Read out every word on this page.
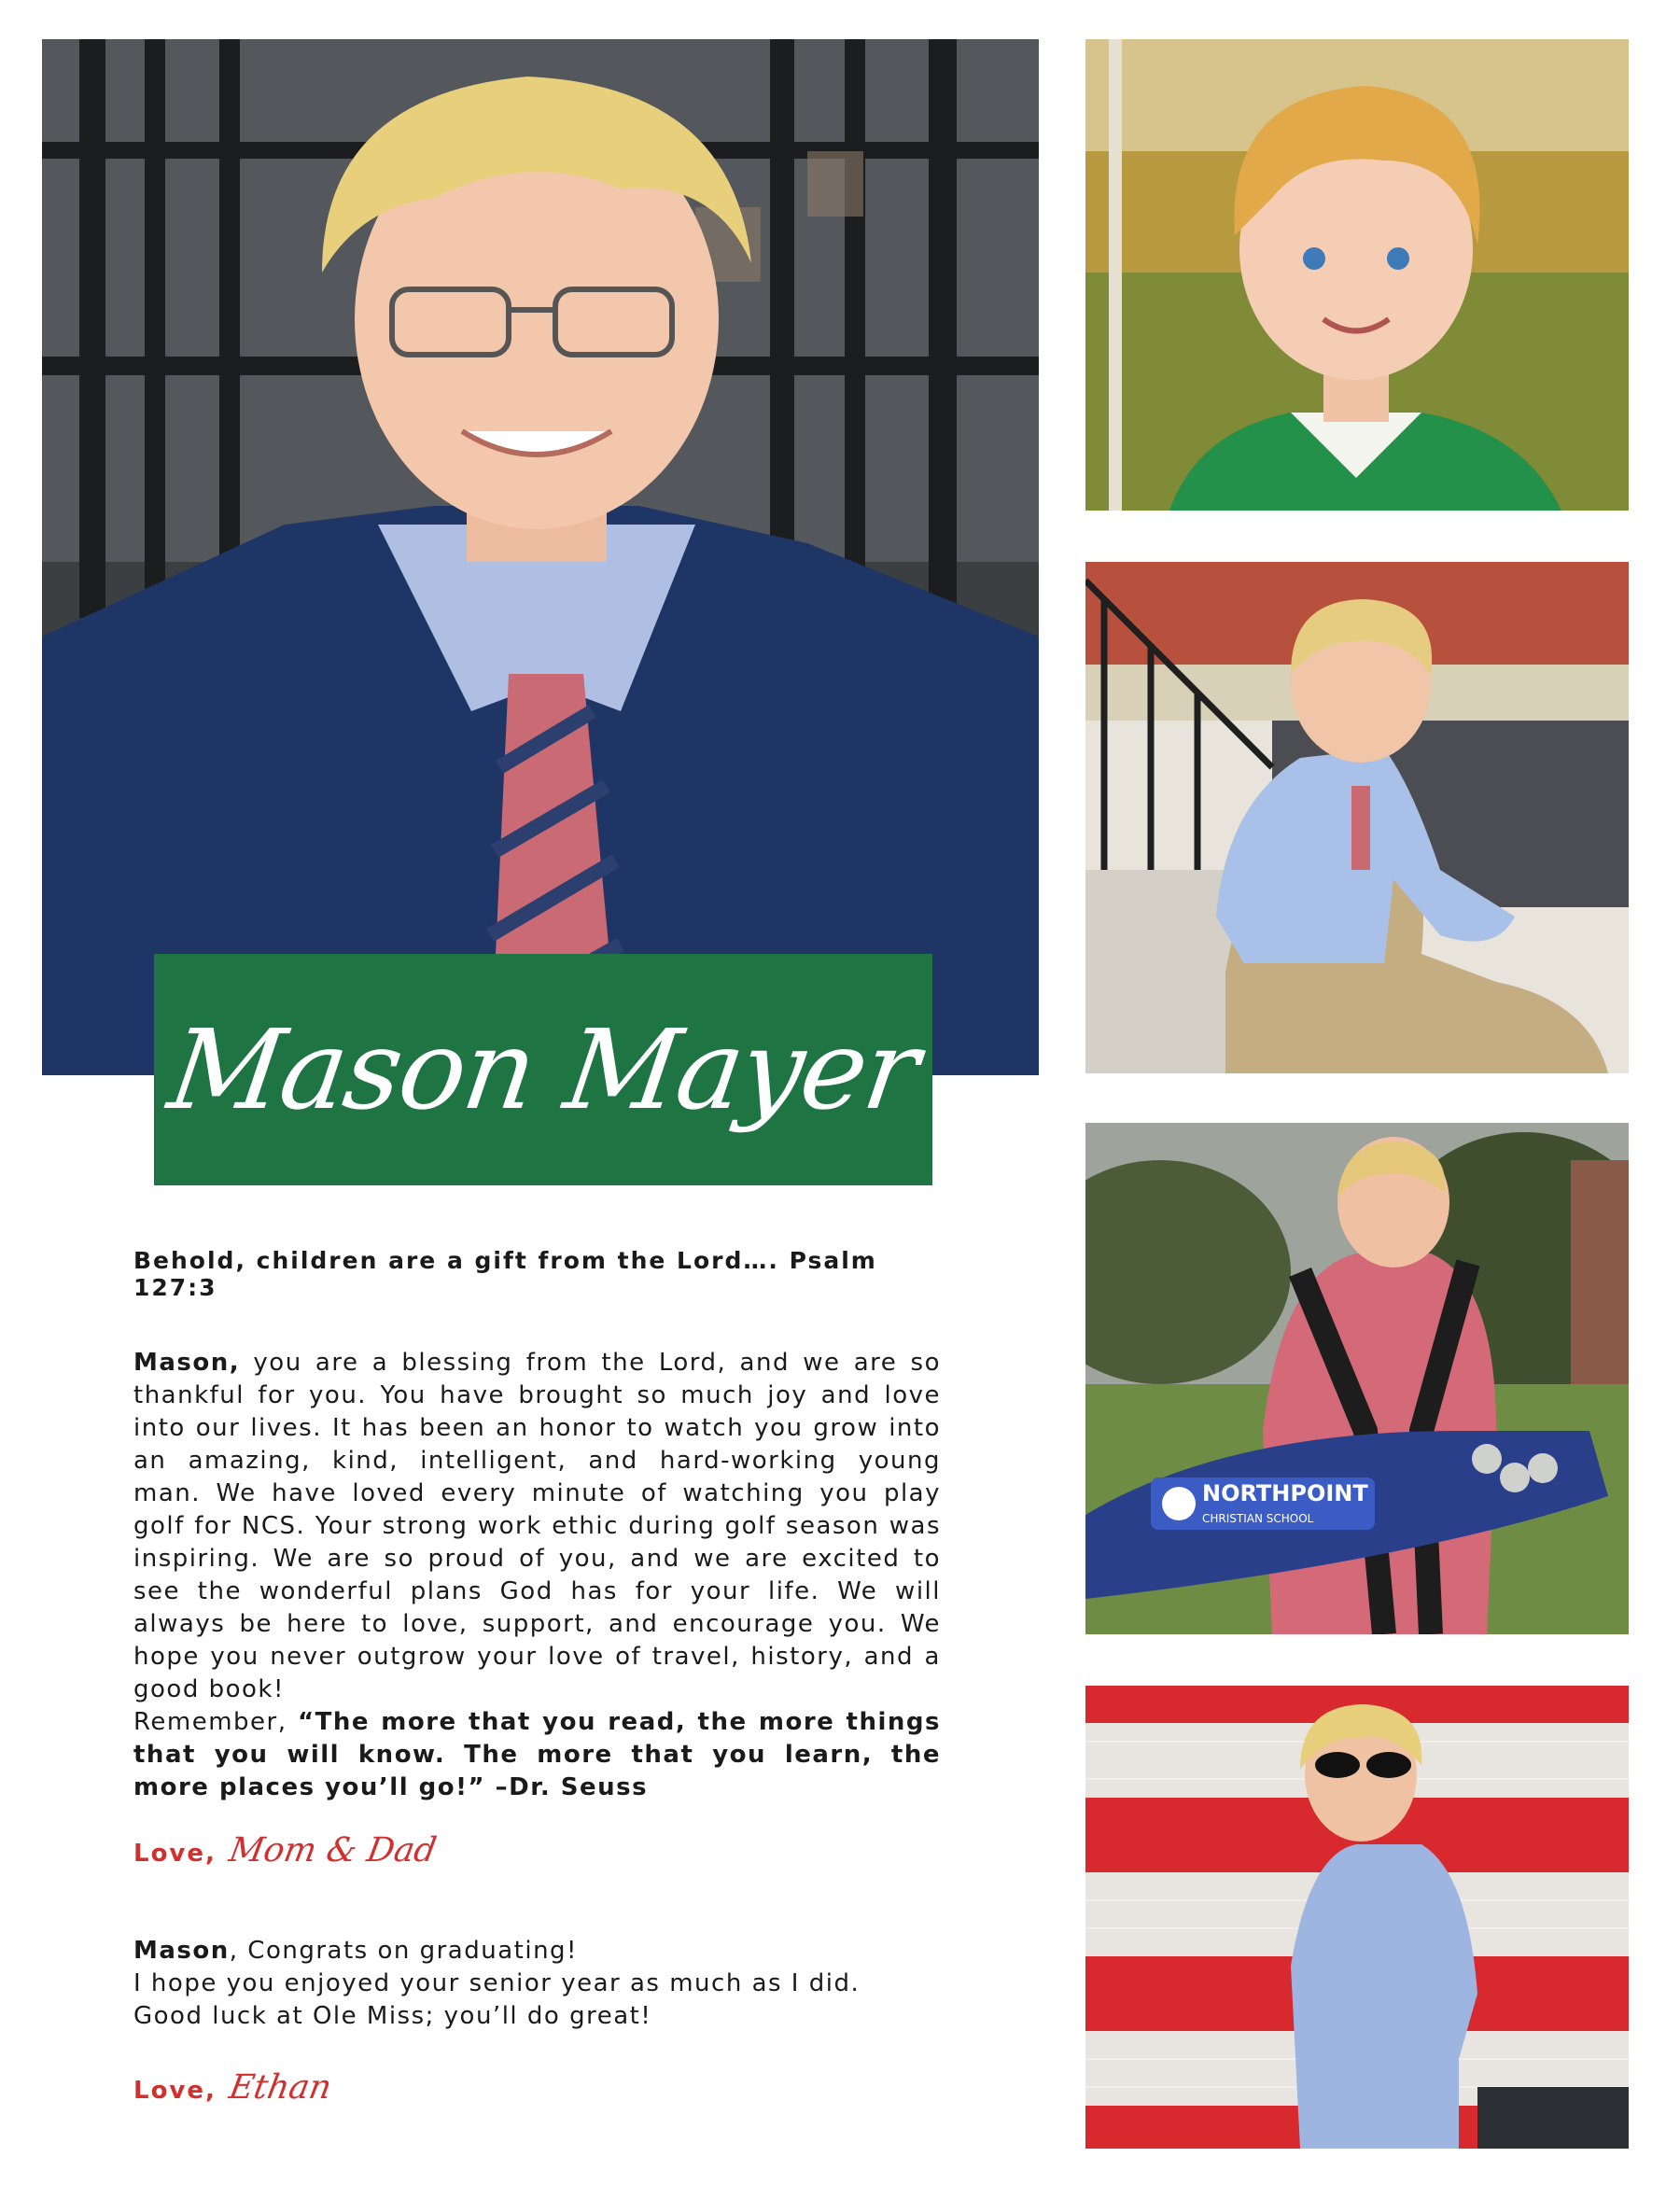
Mason Mayer
NORTHPOINT
CHRISTIAN SCHOOL
Behold, children are a gift from the Lord…. Psalm 127:3
Mason, you are a blessing from the Lord, and we are so thankful for you. You have brought so much joy and love into our lives. It has been an honor to watch you grow into an amazing, kind, intelligent, and hard-working young man. We have loved every minute of watching you play golf for NCS. Your strong work ethic during golf season was inspiring. We are so proud of you, and we are excited to see the wonderful plans God has for your life. We will always be here to love, support, and encourage you. We hope you never outgrow your love of travel, history, and a good book!
Remember, “The more that you read, the more things that you will know. The more that you learn, the more places you’ll go!” –Dr. Seuss
Love, Mom & Dad
Mason, Congrats on graduating!
I hope you enjoyed your senior year as much as I did.
Good luck at Ole Miss; you’ll do great!
Love, Ethan
